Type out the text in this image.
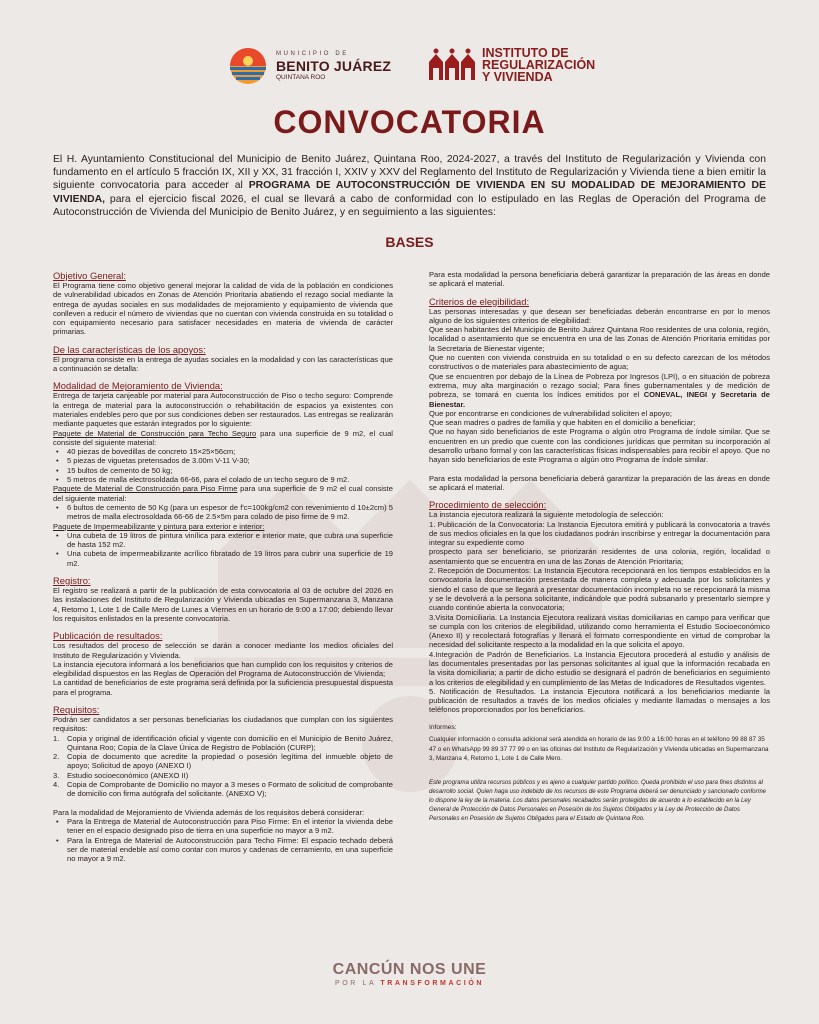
MUNICIPIO DE
BENITO JUÁREZ
QUINTANA ROO
INSTITUTO DE
REGULARIZACIÓN
Y VIVIENDA
CONVOCATORIA

El H. Ayuntamiento Constitucional del Municipio de Benito Juárez, Quintana Roo, 2024-2027, a través del Instituto de Regularización y Vivienda con fundamento en el artículo 5 fracción IX, XII y XX, 31 fracción I, XXIV y XXV del Reglamento del Instituto de Regularización y Vivienda tiene a bien emitir la siguiente convocatoria para acceder al PROGRAMA DE AUTOCONSTRUCCIÓN DE VIVIENDA EN SU MODALIDAD DE MEJORAMIENTO DE VIVIENDA, para el ejercicio fiscal 2026, el cual se llevará a cabo de conformidad con lo estipulado en las Reglas de Operación del Programa de Autoconstrucción de Vivienda del Municipio de Benito Juárez, y en seguimiento a las siguientes:

BASES
Objetivo General:

El Programa tiene como objetivo general mejorar la calidad de vida de la población en condiciones de vulnerabilidad ubicados en Zonas de Atención Prioritaria abatiendo el rezago social mediante la entrega de ayudas sociales en sus modalidades de mejoramiento y equipamiento de vivienda que conlleven a reducir el número de viviendas que no cuentan con vivienda construida en su totalidad o con equipamiento necesario para satisfacer necesidades en materia de vivienda de carácter primarias.

De las características de los apoyos:

El programa consiste en la entrega de ayudas sociales en la modalidad y con las características que a continuación se detalla:

Modalidad de Mejoramiento de Vivienda:

Entrega de tarjeta canjeable por material para Autoconstrucción de Piso o techo seguro: Comprende la entrega de material para la autoconstrucción o rehabilitación de espacios ya existentes con materiales endebles pero que por sus condiciones deben ser restaurados. Las entregas se realizarán mediante paquetes que estarán integrados por lo siguiente:

Paquete de Material de Construcción para Techo Seguro para una superficie de 9 m2, el cual consiste del siguiente material:

• 40 piezas de bovedillas de concreto 15×25×56cm;
• 5 piezas de viguetas pretensados de 3.00m V-11 V-30;
• 15 bultos de cemento de 50 kg;
• 5 metros de malla electrosoldada 66-66, para el colado de un techo seguro de 9 m2.

Paquete de Material de Construcción para Piso Firme para una superficie de 9 m2 el cual consiste del siguiente material:

• 6 bultos de cemento de 50 Kg (para un espesor de f'c=100kg/cm2 con revenimiento d 10±2cm) 5 metros de malla electrosoldada 66-66 de 2.5×5m para colado de piso firme de 9 m2.

Paquete de Impermeabilizante y pintura para exterior e interior:

• Una cubeta de 19 litros de pintura vinílica para exterior e interior mate, que cubra una superficie de hasta 152 m2.
• Una cubeta de impermeabilizante acrílico fibratado de 19 litros para cubrir una superficie de 19 m2.
Registro:

El registro se realizará a partir de la publicación de esta convocatoria al 03 de octubre del 2026 en las instalaciones del Instituto de Regularización y Vivienda ubicadas en Supermanzana 3, Manzana 4, Retorno 1, Lote 1 de Calle Mero de Lunes a Viernes en un horario de 9:00 a 17:00; debiendo llevar los requisitos enlistados en la presente convocatoria.

Publicación de resultados:

Los resultados del proceso de selección se darán a conocer mediante los medios oficiales del Instituto de Regularización y Vivienda.

La instancia ejecutora informará a los beneficiarios que han cumplido con los requisitos y criterios de elegibilidad dispuestos en las Reglas de Operación del Programa de Autoconstrucción de Vivienda;

La cantidad de beneficiarios de este programa será definida por la suficiencia presupuestal dispuesta para el programa.

Requisitos:

Podrán ser candidatos a ser personas beneficiarias los ciudadanos que cumplan con los siguientes requisitos:

1. Copia y original de identificación oficial y vigente con domicilio en el Municipio de Benito Juárez, Quintana Roo; Copia de la Clave Única de Registro de Población (CURP);
2. Copia de documento que acredite la propiedad o posesión legítima del inmueble objeto de apoyo; Solicitud de apoyo (ANEXO I)
3. Estudio socioeconómico (ANEXO II)
4. Copia de Comprobante de Domicilio no mayor a 3 meses o Formato de solicitud de comprobante de domicilio con firma autógrafa del solicitante. (ANEXO V);

Para la modalidad de Mejoramiento de Vivienda además de los requisitos deberá considerar:

• Para la Entrega de Material de Autoconstrucción para Piso Firme: En el interior la vivienda debe tener en el espacio designado piso de tierra en una superficie no mayor a 9 m2.
• Para la Entrega de Material de Autoconstrucción para Techo Firme: El espacio techado deberá ser de material endeble así como contar con muros y cadenas de cerramiento, en una superficie no mayor a 9 m2.

Para esta modalidad la persona beneficiaria deberá garantizar la preparación de las áreas en donde se aplicará el material.

Criterios de elegibilidad:

Las personas interesadas y que desean ser beneficiadas deberán encontrarse en por lo menos alguno de los siguientes criterios de elegibilidad:

Que sean habitantes del Municipio de Benito Juárez Quintana Roo residentes de una colonia, región, localidad o asentamiento que se encuentra en una de las Zonas de Atención Prioritaria emitidas por la Secretaria de Bienestar vigente;

Que no cuenten con vivienda construida en su totalidad o en su defecto carezcan de los métodos constructivos o de materiales para abastecimiento de agua;

Que se encuentren por debajo de la Línea de Pobreza por Ingresos (LPI), o en situación de pobreza extrema, muy alta marginación o rezago social; Para fines gubernamentales y de medición de pobreza, se tomará en cuenta los índices emitidos por el CONEVAL, INEGI y Secretaria de Bienestar.

Que por encontrarse en condiciones de vulnerabilidad soliciten el apoyo;

Que sean madres o padres de familia y que habiten en el domicilio a beneficiar;

Que no hayan sido beneficiarios de este Programa o algún otro Programa de índole similar. Que se encuentren en un predio que cuente con las condiciones jurídicas que permitan su incorporación al desarrollo urbano formal y con las características físicas indispensables para recibir el apoyo. Que no hayan sido beneficiarios de este Programa o algún otro Programa de índole similar.

Para esta modalidad la persona beneficiaria deberá garantizar la preparación de las áreas en donde se aplicará el material.

Procedimiento de selección:

La instancia ejecutora realizará la siguiente metodología de selección:

1. Publicación de la Convocatoria: La Instancia Ejecutora emitirá y publicará la convocatoria a través de sus medios oficiales en la que los ciudadanos podrán inscribirse y entregar la documentación para integrar su expediente como

prospecto para ser beneficiario, se priorizarán residentes de una colonia, región, localidad o asentamiento que se encuentra en una de las Zonas de Atención Prioritaria;

2. Recepción de Documentos: La Instancia Ejecutora recepcionará en los tiempos establecidos en la convocatoria la documentación presentada de manera completa y adecuada por los solicitantes y siendo el caso de que se llegará a presentar documentación incompleta no se recepcionará la misma y se le devolverá a la persona solicitante, indicándole que podrá subsanarlo y presentarlo siempre y cuando continúe abierta la convocatoria;

3.Visita Domiciliaria. La Instancia Ejecutora realizará visitas domiciliarias en campo para verificar que se cumpla con los criterios de elegibilidad, utilizando como herramienta el Estudio Socioeconómico (Anexo II) y recolectará fotografías y llenará el formato correspondiente en virtud de comprobar la necesidad del solicitante respecto a la modalidad en la que solicita el apoyo.

4.Integración de Padrón de Beneficiarios. La Instancia Ejecutora procederá al estudio y análisis de las documentales presentadas por las personas solicitantes al igual que la información recabada en la visita domiciliaria; a partir de dicho estudio se designará el padrón de beneficiarios en seguimiento a los criterios de elegibilidad y en cumplimiento de las Metas de Indicadores de Resultados vigentes.

5. Notificación de Resultados. La instancia Ejecutora notificará a los beneficiarios mediante la publicación de resultados a través de los medios oficiales y mediante llamadas o mensajes a los teléfonos proporcionados por los beneficiarios.

Informes:

Cualquier información o consulta adicional será atendida en horario de las 9:00 a 16:00 horas en el teléfono 99 88 87 35 47 o en WhatsApp 99 89 37 77 99 o en las oficinas del Instituto de Regularización y Vivienda ubicadas en Supermanzana 3, Manzana 4, Retorno 1, Lote 1 de Calle Mero.

Este programa utiliza recursos públicos y es ajeno a cualquier partido político. Queda prohibido el uso para fines distintos al desarrollo social. Quien haga uso indebido de los recursos de este Programa deberá ser denunciado y sancionado conforme lo dispone la ley de la materia. Los datos personales recabados serán protegidos de acuerdo a lo establecido en la Ley General de Protección de Datos Personales en Posesión de los Sujetos Obligados y la Ley de Protección de Datos Personales en Posesión de Sujetos Obligados para el Estado de Quintana Roo.

CANCÚN NOS UNE
POR LA TRANSFORMACIÓN
